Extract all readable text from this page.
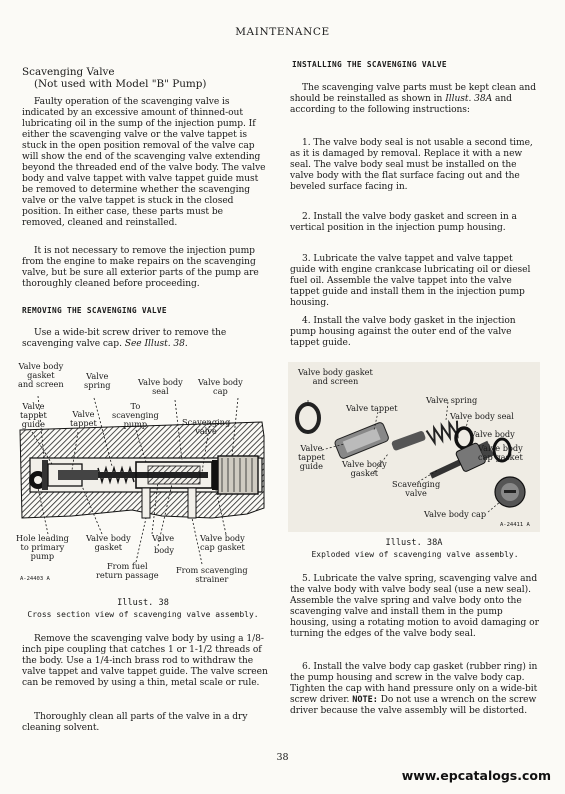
MAINTENANCE
Scavenging Valve
(Not used with Model "B" Pump)

Faulty operation of the scavenging valve is indicated by an excessive amount of thinned-out lubricating oil in the sump of the injection pump. If either the scavenging valve or the valve tappet is stuck in the open position removal of the valve cap will show the end of the scavenging valve extending beyond the threaded end of the valve body. The valve body and valve tappet with valve tappet guide must be removed to determine whether the scavenging valve or the valve tappet is stuck in the closed position. In either case, these parts must be removed, cleaned and reinstalled.

It is not necessary to remove the injection pump from the engine to make repairs on the scavenging valve, but be sure all exterior parts of the pump are thoroughly cleaned before proceeding.

REMOVING THE SCAVENGING VALVE

Use a wide-bit screw driver to remove the scavenging valve cap. See Illust. 38.

Valve body
gasket
and screen
Valve
spring	Valve body
seal
Valve body
cap
Valve
tappet
guide
Valve
tappet
To
scavenging
pump	Scavenging
valve
Hole leading
to primary
pump
Valve body
gasket
Valve
body
Valve body
cap gasket
From fuel
return passage From scavenging
strainer
A-24403 A
Illust. 38
Cross section view of scavenging valve assembly.

Remove the scavenging valve body by using a 1/8-inch pipe coupling that catches 1 or 1-1/2 threads of the body. Use a 1/4-inch brass rod to withdraw the valve tappet and valve tappet guide. The valve screen can be removed by using a thin, metal scale or rule.

Thoroughly clean all parts of the valve in a dry cleaning solvent.

INSTALLING THE SCAVENGING VALVE

The scavenging valve parts must be kept clean and should be reinstalled as shown in Illust. 38A and according to the following instructions:

1. The valve body seal is not usable a second time, as it is damaged by removal. Replace it with a new seal. The valve body seal must be installed on the valve body with the flat surface facing out and the beveled surface facing in.

2. Install the valve body gasket and screen in a vertical position in the injection pump housing.

3. Lubricate the valve tappet and valve tappet guide with engine crankcase lubricating oil or diesel fuel oil. Assemble the valve tappet into the valve tappet guide and install them in the injection pump housing.

4. Install the valve body gasket in the injection pump housing against the outer end of the valve tappet guide.

Valve body gasket
and screen
Valve spring
Valve tappet
Valve body seal
Valve body
Valve body
cap gasket
Valve
tappet
guide Valve body
gasket
Scavenging
valve
Valve body cap
A-24411 A
Illust. 38A
Exploded view of scavenging valve assembly.

5. Lubricate the valve spring, scavenging valve and the valve body with valve body seal (use a new seal). Assemble the valve spring and valve body onto the scavenging valve and install them in the pump housing, using a rotating motion to avoid damaging or turning the edges of the valve body seal.

6. Install the valve body cap gasket (rubber ring) in the pump housing and screw in the valve body cap. Tighten the cap with hand pressure only on a wide-bit screw driver. NOTE: Do not use a wrench on the screw driver because the valve assembly will be distorted.

38
www.epcatalogs.com
